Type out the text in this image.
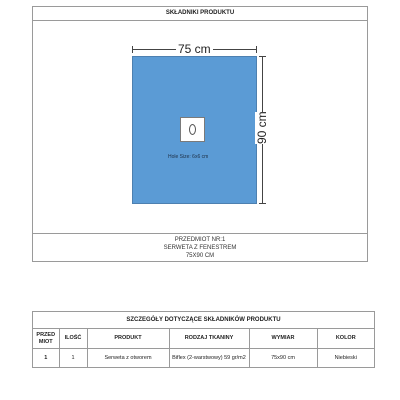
SKŁADNIKI PRODUKTU
PRZEDMIOT NR:1
SERWETA Z FENESTREM
75X90 CM
75 cm
Hole Size: 6x6 cm
90 cm
SZCZEGÓŁY DOTYCZĄCE SKŁADNIKÓW PRODUKTU
PRZED MIOT	ILOŚĆ	PRODUKT	RODZAJ TKANINY	WYMIAR	KOLOR
1	1	Serweta z otworem	Biflex (2-warstwowy) 59 gr/m2	75x90 cm	Niebieski
